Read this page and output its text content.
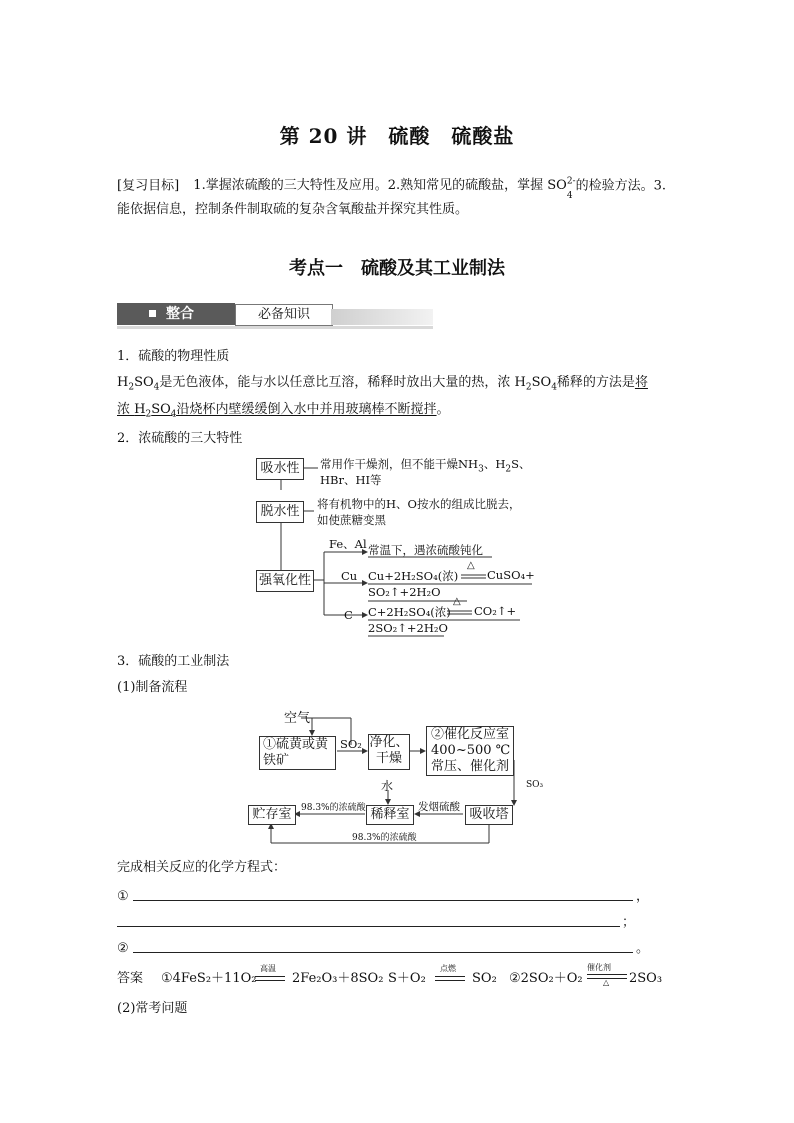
第 20 讲　硫酸　硫酸盐
[复习目标] 1.掌握浓硫酸的三大特性及应用。2.熟知常见的硫酸盐，掌握 SO
4
$^{2-}$的检验方法。3.
能依据信息，控制条件制取硫的复杂含氧酸盐并探究其性质。
考点一　硫酸及其工业制法
整合	必备知识
1．硫酸的物理性质
$H_2SO_4$是无色液体，能与水以任意比互溶，稀释时放出大量的热，浓 $H_2SO_4$稀释的方法是将
浓 $H_2SO_4$沿烧杯内壁缓缓倒入水中并用玻璃棒不断搅拌。
2．浓硫酸的三大特性
吸水性	常用作干燥剂，但不能干燥$NH_3$、$H_2S$、
HBr、HI等
脱水性	将有机物中的H、O按水的组成比脱去，
如使蔗糖变黑
强氧化性
Fe、Al 常温下，遇浓硫酸钝化
Cu Cu+2H₂SO₄(浓)
△
CuSO₄+
SO₂↑+2H₂O
C C+2H₂SO₄(浓)
△
CO₂↑+
2SO₂↑+2H₂O
3．硫酸的工业制法
(1)制备流程
空气
①硫黄或黄
铁矿
SO₂ 净化、
干燥
②催化反应室
400~500 ℃
常压、催化剂
SO₃
水
贮存室	稀释室	吸收塔
发烟硫酸
98.3%的浓硫酸
98.3%的浓硫酸
完成相关反应的化学方程式：
①	，
；
②	。
答案 ①4FeS₂＋11O₂
高温
2Fe₂O₃＋8SO₂ S＋O₂
点燃
SO₂ ②2SO₂＋O₂
催化剂
△ 2SO₃
(2)常考问题
